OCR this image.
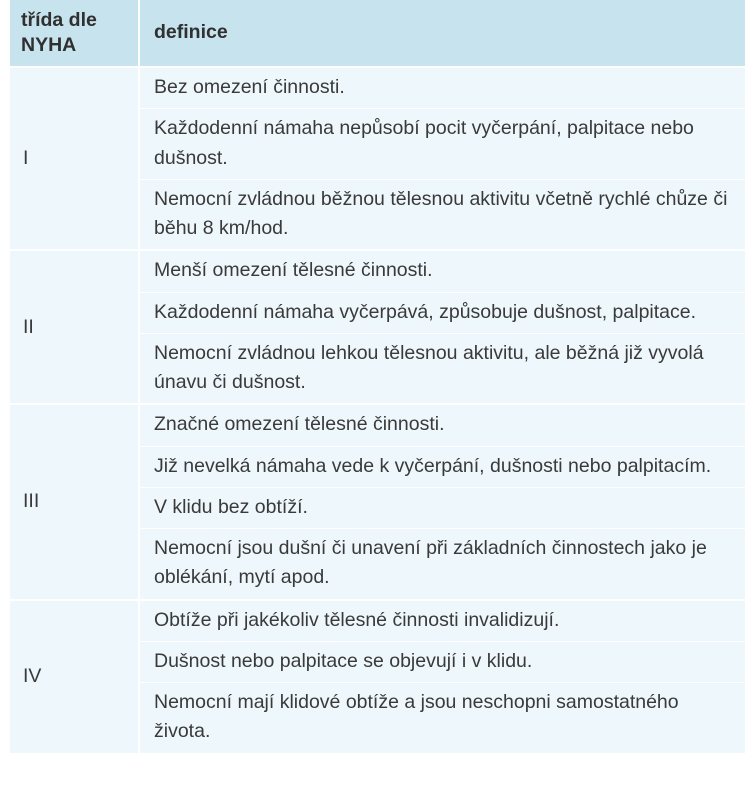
třída dle NYHA	definice
I	Bez omezení činnosti.
	Každodenní námaha nepůsobí pocit vyčerpání, palpitace nebo dušnost.
	Nemocní zvládnou běžnou tělesnou aktivitu včetně rychlé chůze či běhu 8 km/hod.
II	Menší omezení tělesné činnosti.
	Každodenní námaha vyčerpává, způsobuje dušnost, palpitace.
	Nemocní zvládnou lehkou tělesnou aktivitu, ale běžná již vyvolá únavu či dušnost.
III	Značné omezení tělesné činnosti.
	Již nevelká námaha vede k vyčerpání, dušnosti nebo palpitacím.
	V klidu bez obtíží.
	Nemocní jsou dušní či unavení při základních činnostech jako je oblékání, mytí apod.
IV	Obtíže při jakékoliv tělesné činnosti invalidizují.
	Dušnost nebo palpitace se objevují i v klidu.
	Nemocní mají klidové obtíže a jsou neschopni samostatného života.
